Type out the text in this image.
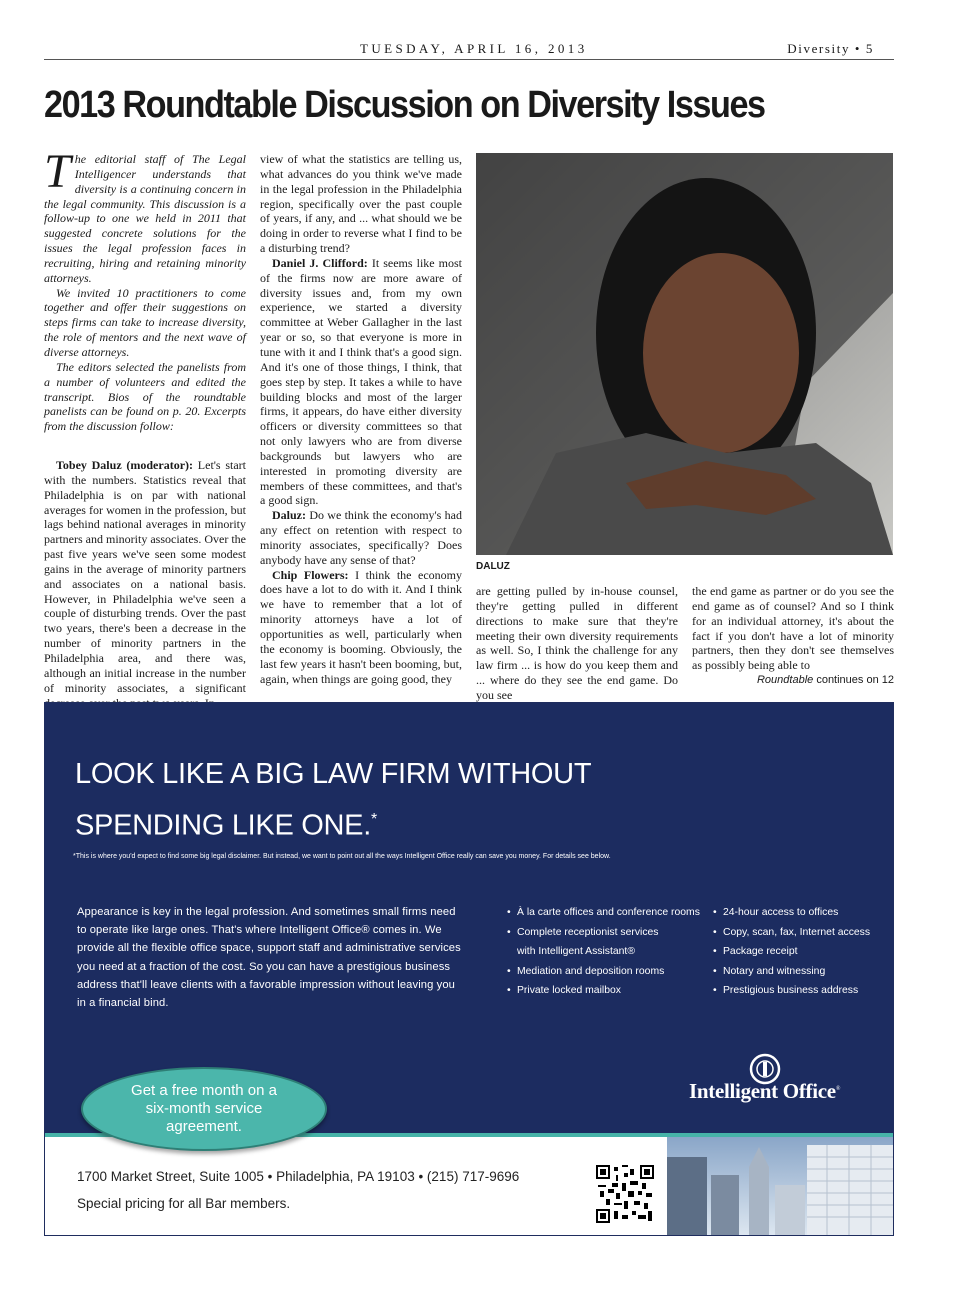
TUESDAY, APRIL 16, 2013	Diversity • 5
2013 Roundtable Discussion on Diversity Issues

The editorial staff of The Legal Intelligencer understands that diversity is a continuing concern in the legal community. This discussion is a follow-up to one we held in 2011 that suggested concrete solutions for the issues the legal profession faces in recruiting, hiring and retaining minority attorneys.

We invited 10 practitioners to come together and offer their suggestions on steps firms can take to increase diversity, the role of mentors and the next wave of diverse attorneys.

The editors selected the panelists from a number of volunteers and edited the transcript. Bios of the roundtable panelists can be found on p. 20. Excerpts from the discussion follow:

Tobey Daluz (moderator): Let's start with the numbers. Statistics reveal that Philadelphia is on par with national averages for women in the profession, but lags behind national averages in minority partners and minority associates. Over the past five years we've seen some modest gains in the average of minority partners and associates on a national basis. However, in Philadelphia we've seen a couple of disturbing trends. Over the past two years, there's been a decrease in the number of minority partners in the Philadelphia area, and there was, although an initial increase in the number of minority associates, a significant

view of what the statistics are telling us, what advances do you think we've made in the legal profession in the Philadelphia region, specifically over the past couple of years, if any, and ... what should we be doing in order to reverse what I find to be a disturbing trend?

Daniel J. Clifford: It seems like most of the firms now are more aware of diversity issues and, from my own experience, we started a diversity committee at Weber Gallagher in the last year or so, so that everyone is more in tune with it and I think that's a good sign. And it's one of those things, I think, that goes step by step. It takes a while to have building blocks and most of the larger firms, it appears, do have either diversity officers or diversity committees so that not only lawyers who are from diverse backgrounds but lawyers who are interested in promoting diversity are members of these committees, and that's a good sign.

Daluz: Do we think the economy's had any effect on retention with respect to minority associates, specifically? Does anybody have any sense of that?

Chip Flowers: I think the economy does have a lot to do with it. And I think we have to remember that a lot of minority attorneys have a lot of opportunities as well, particularly when the economy is booming. Obviously, the last few years it hasn't been booming, but, again, when things are going good, they

DALUZ

are getting pulled by in-house counsel, they're getting pulled in different directions to make sure that they're meeting their own diversity requirements as well. So, I think the challenge for any law firm ... is how do you keep them and ... where do they see the end game. Do you see

the end game as partner or do you see the end game as of counsel? And so I think for an individual attorney, it's about the fact if you don't have a lot of minority partners, then they don't see themselves as possibly being able to

Roundtable continues on 12

LOOK LIKE A BIG LAW FIRM WITHOUT
SPENDING LIKE ONE.*
*This is where you'd expect to find some big legal disclaimer. But instead, we want to point out all the ways Intelligent Office really can save you money. For details see below.
Appearance is key in the legal profession. And sometimes small firms need to operate like large ones. That's where Intelligent Office® comes in. We provide all the flexible office space, support staff and administrative services you need at a fraction of the cost. So you can have a prestigious business address that'll leave clients with a favorable impression without leaving you in a financial bind.
• À la carte offices and conference rooms
• Complete receptionist services
with Intelligent Assistant®
• Mediation and deposition rooms
• Private locked mailbox
• 24-hour access to offices
• Copy, scan, fax, Internet access
• Package receipt
• Notary and witnessing
• Prestigious business address
Get a free month on a six-month service agreement.
Intelligent Office®
1700 Market Street, Suite 1005 • Philadelphia, PA 19103 • (215) 717-9696
Special pricing for all Bar members.
